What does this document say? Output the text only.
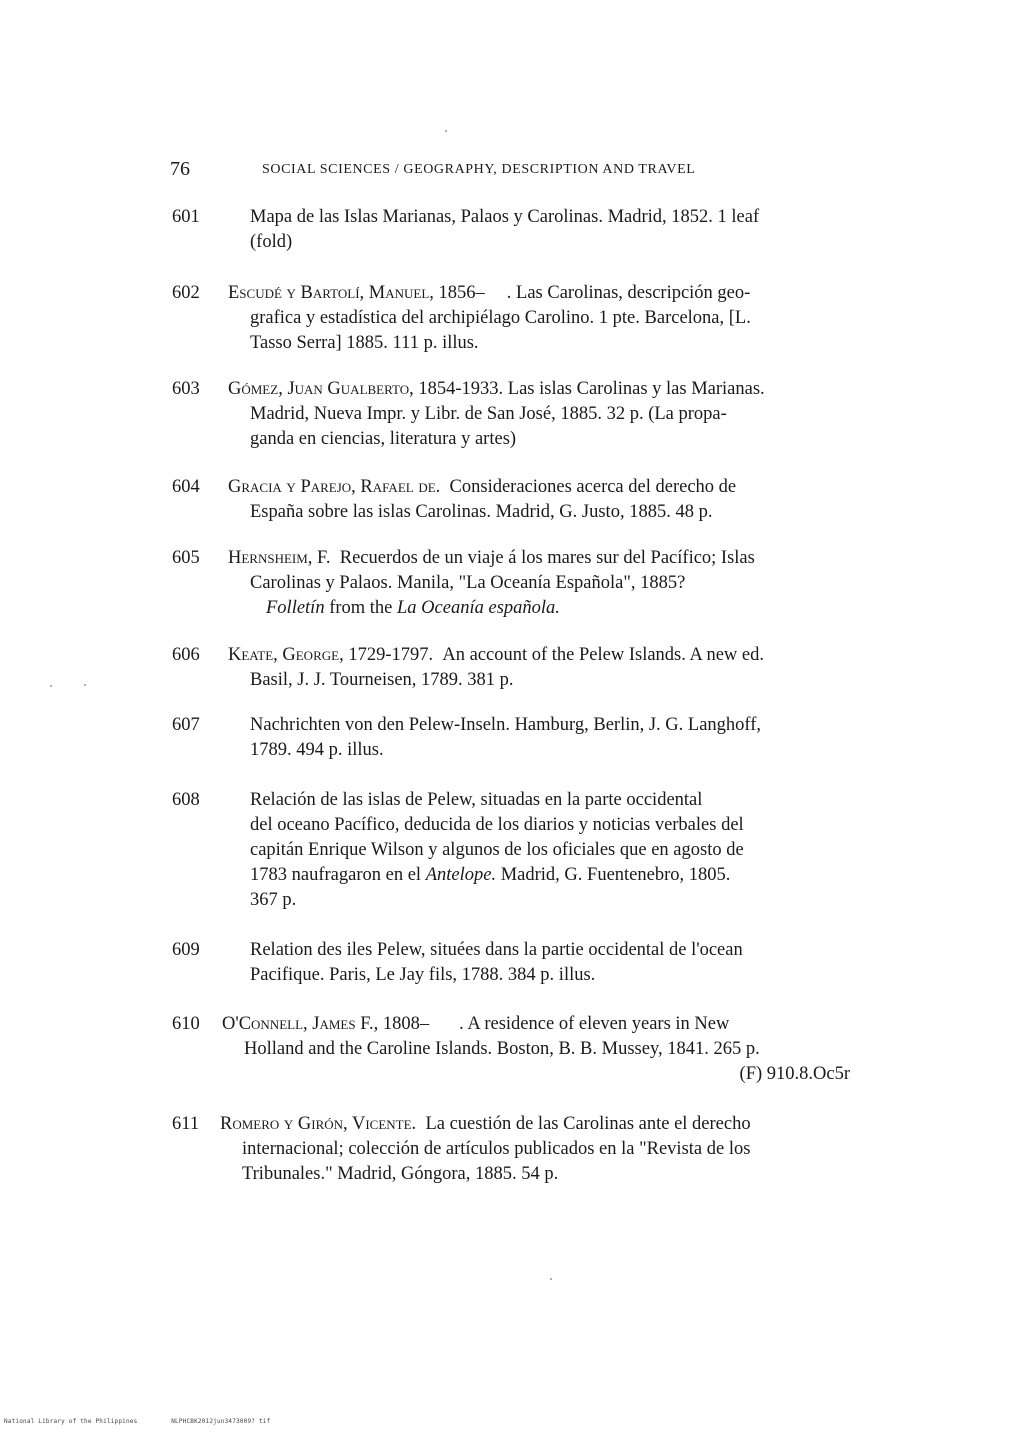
76	SOCIAL SCIENCES / GEOGRAPHY, DESCRIPTION AND TRAVEL
601	Mapa de las Islas Marianas, Palaos y Carolinas. Madrid, 1852. 1 leaf
(fold)
602	Escudé y Bartolí, Manuel, 1856– . Las Carolinas, descripción geo-
grafica y estadística del archipiélago Carolino. 1 pte. Barcelona, [L.
Tasso Serra] 1885. 111 p. illus.
603	Gómez, Juan Gualberto, 1854-1933. Las islas Carolinas y las Marianas.
Madrid, Nueva Impr. y Libr. de San José, 1885. 32 p. (La propa-
ganda en ciencias, literatura y artes)
604	Gracia y Parejo, Rafael de. Consideraciones acerca del derecho de
España sobre las islas Carolinas. Madrid, G. Justo, 1885. 48 p.
605	Hernsheim, F. Recuerdos de un viaje á los mares sur del Pacífico; Islas
Carolinas y Palaos. Manila, "La Oceanía Española", 1885?
Folletín from the La Oceanía española.
606	Keate, George, 1729-1797. An account of the Pelew Islands. A new ed.
Basil, J. J. Tourneisen, 1789. 381 p.
607	Nachrichten von den Pelew-Inseln. Hamburg, Berlin, J. G. Langhoff,
1789. 494 p. illus.
608	Relación de las islas de Pelew, situadas en la parte occidental
del oceano Pacífico, deducida de los diarios y noticias verbales del
capitán Enrique Wilson y algunos de los oficiales que en agosto de
1783 naufragaron en el Antelope. Madrid, G. Fuentenebro, 1805.
367 p.
609	Relation des iles Pelew, situées dans la partie occidental de l'ocean
Pacifique. Paris, Le Jay fils, 1788. 384 p. illus.
610	O'Connell, James F., 1808– . A residence of eleven years in New
Holland and the Caroline Islands. Boston, B. B. Mussey, 1841. 265 p.
(F) 910.8.Oc5r
611	Romero y Girón, Vicente. La cuestión de las Carolinas ante el derecho
internacional; colección de artículos publicados en la "Revista de los
Tribunales." Madrid, Góngora, 1885. 54 p.
National Library of the Philippines	NLPHCBK2012jun3473009? tif
